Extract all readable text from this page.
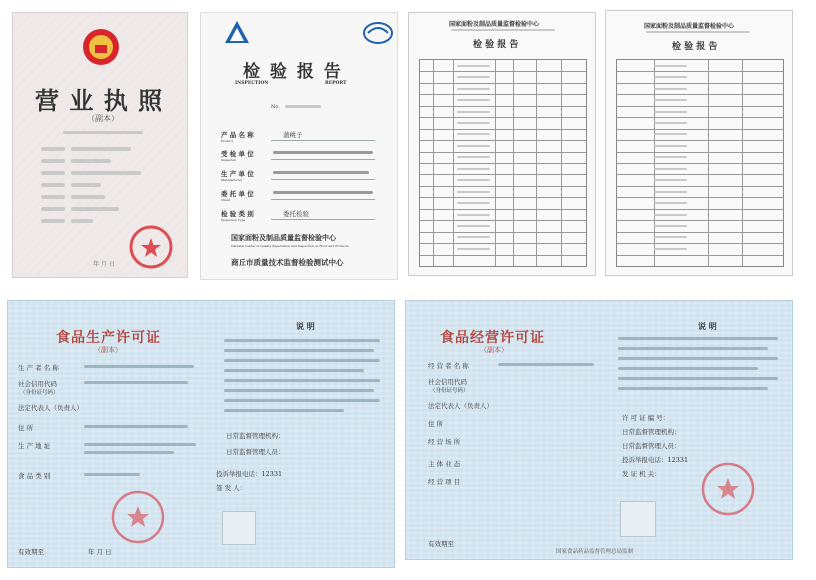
营 业 执 照
（副本）
年 月 日
检 验 报 告
INSPECTION	REPORT
No.
产 品 名 称
Product
蒲桃子
受 检 单 位
Inspected
生 产 单 位
Manufacturer
委 托 单 位
Client
检 验 类 别
Inspection Type
委托检验
国家面粉及制品质量监督检验中心
National Center of Quality Supervision and Inspection on Flour and Products
商丘市质量技术监督检验测试中心
国家面粉及制品质量监督检验中心
检 验 报 告
国家面粉及制品质量监督检验中心
检 验 报 告
食品生产许可证
（副本）
生 产 者 名 称
社会信用代码
（身份证号码）
法定代表人（负责人）
住 所
生 产 地 址
食 品 类 别
有效期至	年 月 日
说 明
日常监督管理机构：
日常监督管理人员：
投诉举报电话：12331
签 发 人：
食品经营许可证
（副本）
经 营 者 名 称
社会信用代码
（身份证号码）
法定代表人（负责人）
住 所
经 营 场 所
主 体 业 态
经 营 项 目
有效期至
说 明
许 可 证 编 号：
日常监督管理机构：
日常监督管理人员：
投诉举报电话：12331
发 证 机 关：
国家食品药品监督管理总局监制
